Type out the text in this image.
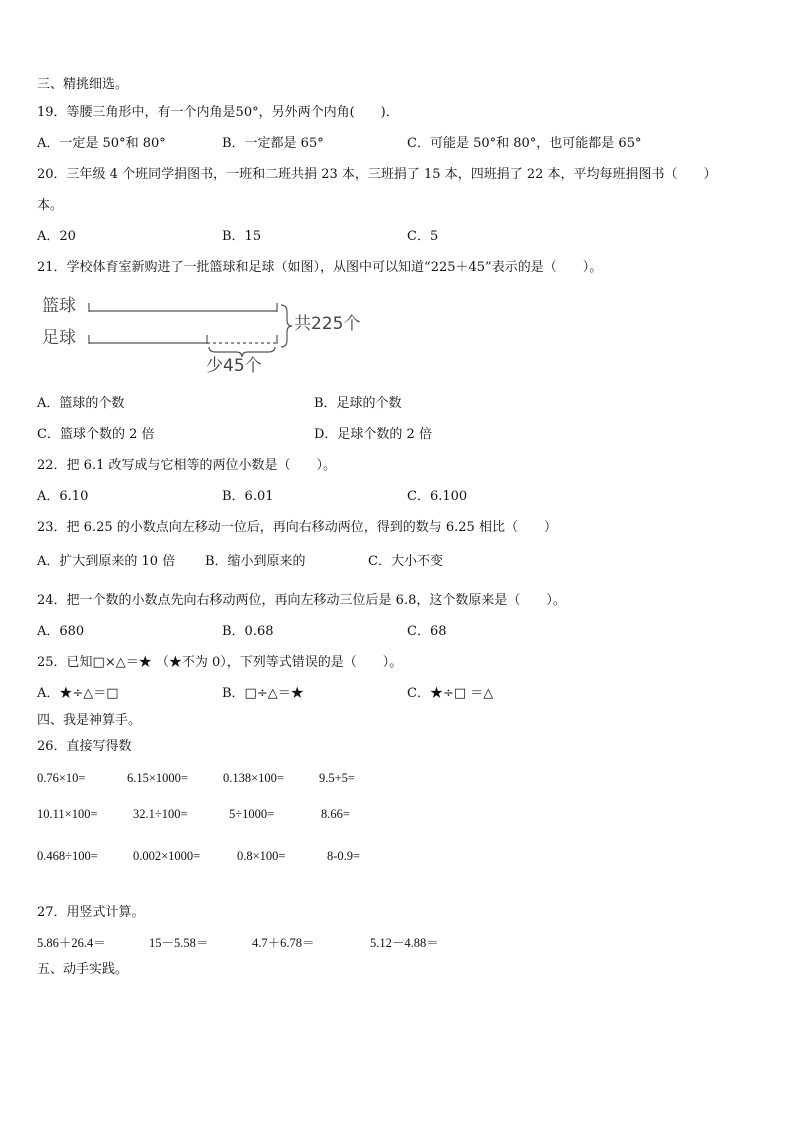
三、精挑细选。
19．等腰三角形中，有一个内角是50°，另外两个内角(　　)．
A．一定是 50°和 80°	B．一定都是 65°	C．可能是 50°和 80°，也可能都是 65°
20．三年级 4 个班同学捐图书，一班和二班共捐 23 本，三班捐了 15 本，四班捐了 22 本，平均每班捐图书（　　）
本。
A．20	B．15	C．5
21．学校体育室新购进了一批篮球和足球（如图），从图中可以知道“225＋45”表示的是（　　）。
篮球
足球
共225个
少45个
A．篮球的个数	B．足球的个数
C．篮球个数的 2 倍	D．足球个数的 2 倍
22．把 6.1 改写成与它相等的两位小数是（　　）。
A．6.10	B．6.01	C．6.100
23．把 6.25 的小数点向左移动一位后，再向右移动两位，得到的数与 6.25 相比（　　）
A．扩大到原来的 10 倍 B．缩小到原来的	C．大小不变
24．把一个数的小数点先向右移动两位，再向左移动三位后是 6.8，这个数原来是（　　）。
A．680	B．0.68	C．68
25．已知□×△＝★ （★不为 0），下列等式错误的是（　　）。
A．★÷△＝□	B．□÷△＝★	C．★÷□ ＝△
四、我是神算手。
26．直接写得数
0.76×10=	6.15×1000=	0.138×100=	9.5+5=
10.11×100=	32.1÷100=	5÷1000=	8.66=
0.468÷100=	0.002×1000=	0.8×100=	8-0.9=
27．用竖式计算。
5.86＋26.4＝	15－5.58＝	4.7＋6.78＝	5.12－4.88＝
五、动手实践。
